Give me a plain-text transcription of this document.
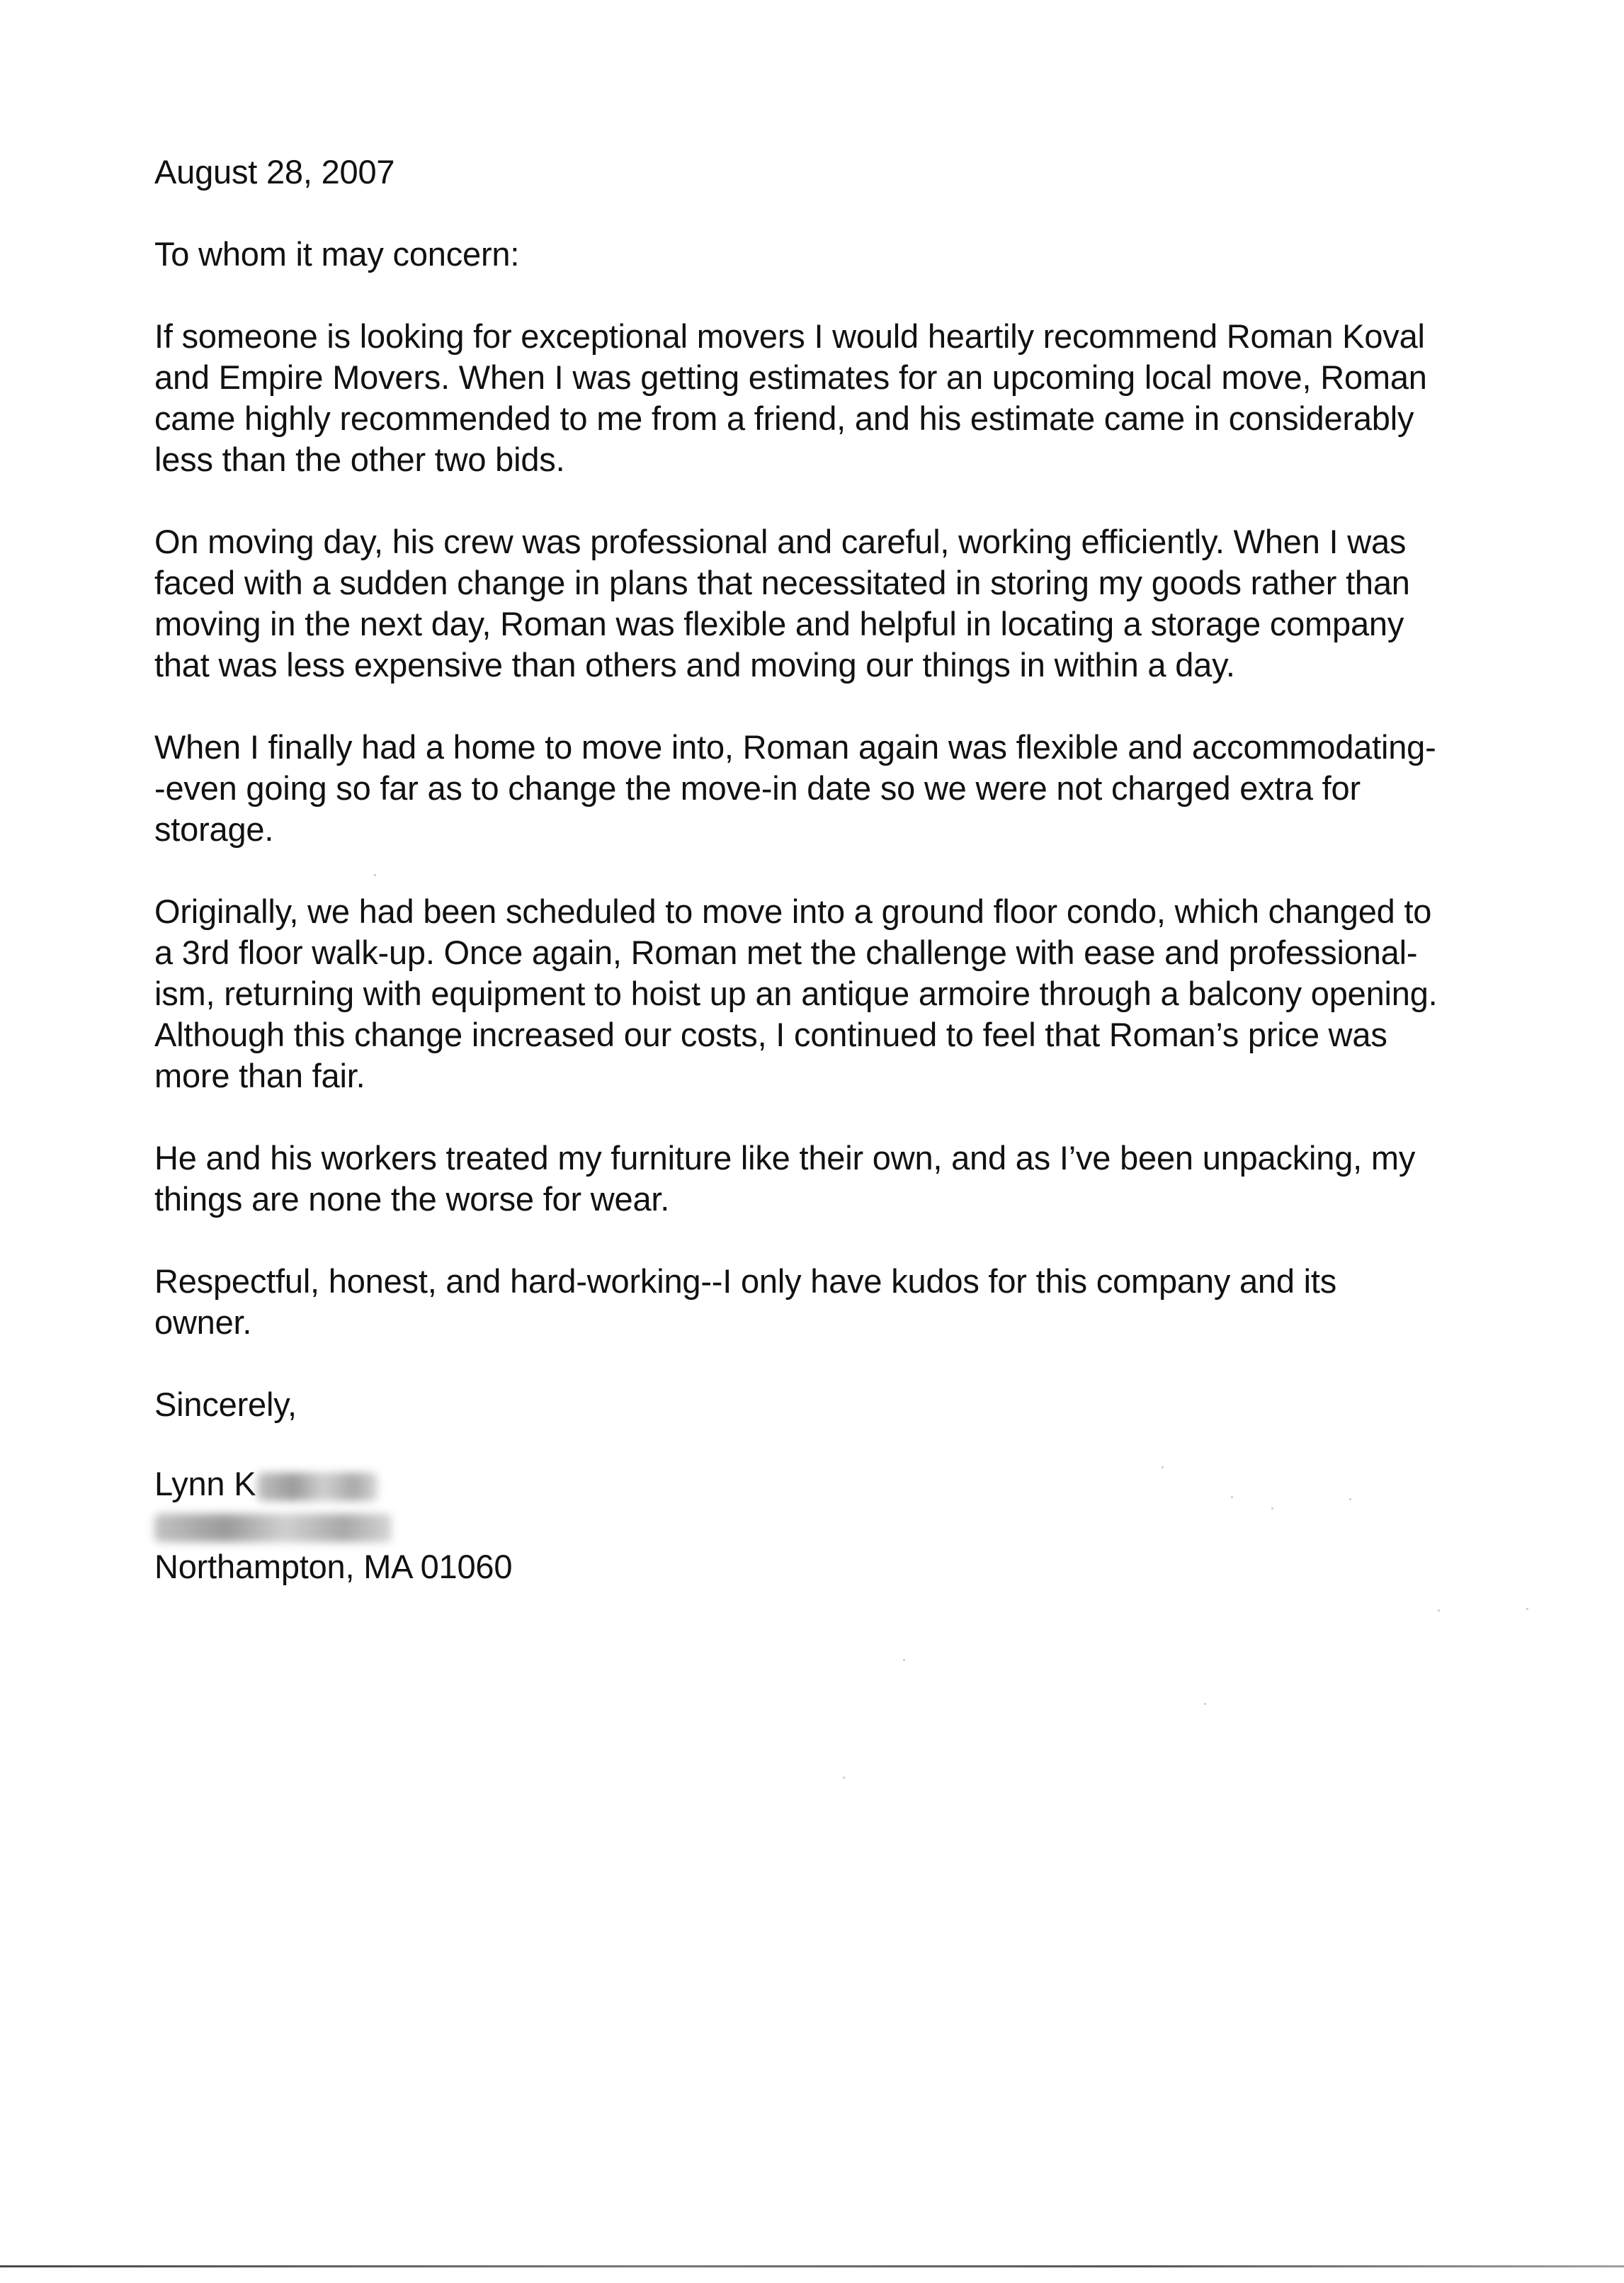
August 28, 2007
To whom it may concern:
If someone is looking for exceptional movers I would heartily recommend Roman Koval
and Empire Movers. When I was getting estimates for an upcoming local move, Roman
came highly recommended to me from a friend, and his estimate came in considerably
less than the other two bids.
On moving day, his crew was professional and careful, working efficiently. When I was
faced with a sudden change in plans that necessitated in storing my goods rather than
moving in the next day, Roman was flexible and helpful in locating a storage company
that was less expensive than others and moving our things in within a day.
When I finally had a home to move into, Roman again was flexible and accommodating-
-even going so far as to change the move-in date so we were not charged extra for
storage.
Originally, we had been scheduled to move into a ground floor condo, which changed to
a 3rd floor walk-up. Once again, Roman met the challenge with ease and professional-
ism, returning with equipment to hoist up an antique armoire through a balcony opening.
Although this change increased our costs, I continued to feel that Roman’s price was
more than fair.
He and his workers treated my furniture like their own, and as I’ve been unpacking, my
things are none the worse for wear.
Respectful, honest, and hard-working--I only have kudos for this company and its
owner.
Sincerely,
Lynn K
Northampton, MA 01060
